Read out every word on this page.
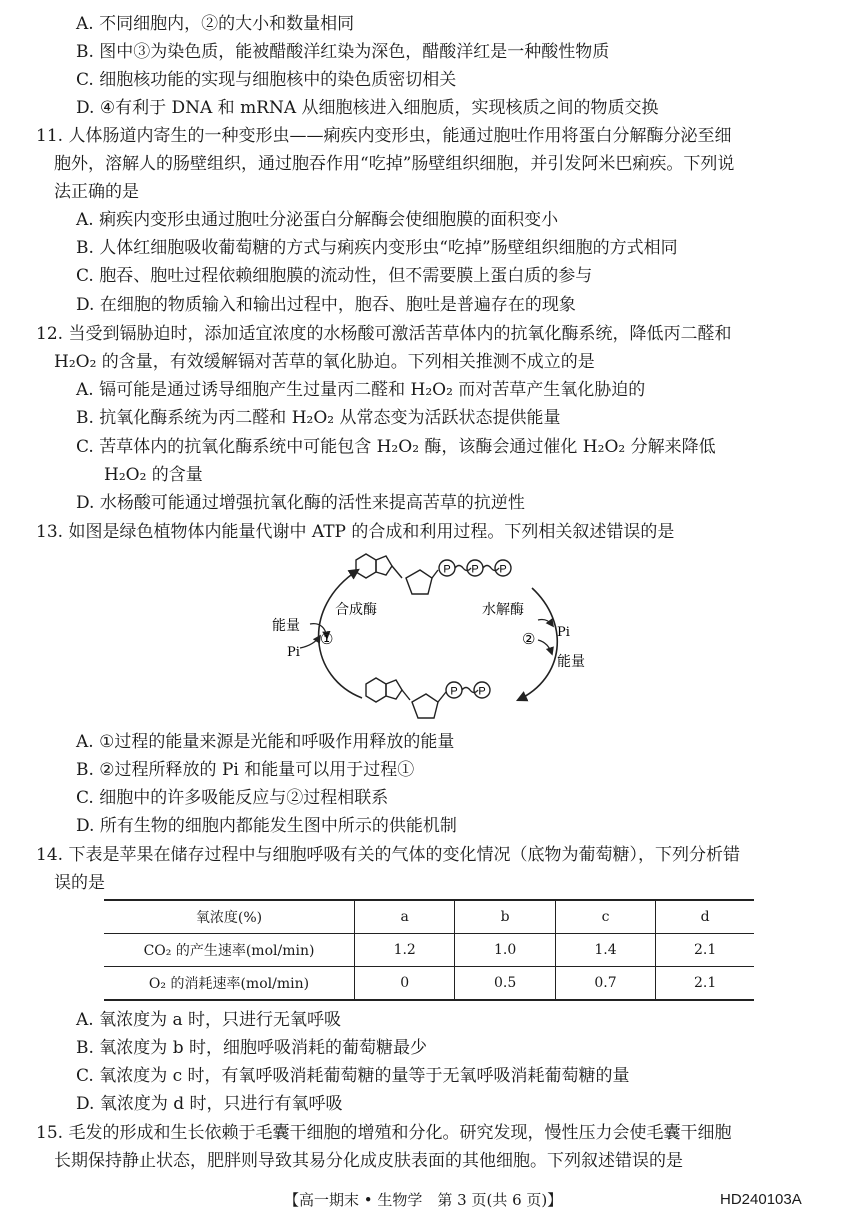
A. 不同细胞内，②的大小和数量相同
B. 图中③为染色质，能被醋酸洋红染为深色，醋酸洋红是一种酸性物质
C. 细胞核功能的实现与细胞核中的染色质密切相关
D. ④有利于 DNA 和 mRNA 从细胞核进入细胞质，实现核质之间的物质交换
11. 人体肠道内寄生的一种变形虫——痢疾内变形虫，能通过胞吐作用将蛋白分解酶分泌至细
胞外，溶解人的肠壁组织，通过胞吞作用“吃掉”肠壁组织细胞，并引发阿米巴痢疾。下列说
法正确的是
A. 痢疾内变形虫通过胞吐分泌蛋白分解酶会使细胞膜的面积变小
B. 人体红细胞吸收葡萄糖的方式与痢疾内变形虫“吃掉”肠壁组织细胞的方式相同
C. 胞吞、胞吐过程依赖细胞膜的流动性，但不需要膜上蛋白质的参与
D. 在细胞的物质输入和输出过程中，胞吞、胞吐是普遍存在的现象
12. 当受到镉胁迫时，添加适宜浓度的水杨酸可激活苦草体内的抗氧化酶系统，降低丙二醛和
H₂O₂ 的含量，有效缓解镉对苦草的氧化胁迫。下列相关推测不成立的是
A. 镉可能是通过诱导细胞产生过量丙二醛和 H₂O₂ 而对苦草产生氧化胁迫的
B. 抗氧化酶系统为丙二醛和 H₂O₂ 从常态变为活跃状态提供能量
C. 苦草体内的抗氧化酶系统中可能包含 H₂O₂ 酶，该酶会通过催化 H₂O₂ 分解来降低
H₂O₂ 的含量
D. 水杨酸可能通过增强抗氧化酶的活性来提高苦草的抗逆性
13. 如图是绿色植物体内能量代谢中 ATP 的合成和利用过程。下列相关叙述错误的是
P P P
P P
合成酶	水解酶
能量
Pi
①	② Pi
能量
A. ①过程的能量来源是光能和呼吸作用释放的能量
B. ②过程所释放的 Pi 和能量可以用于过程①
C. 细胞中的许多吸能反应与②过程相联系
D. 所有生物的细胞内都能发生图中所示的供能机制
14. 下表是苹果在储存过程中与细胞呼吸有关的气体的变化情况（底物为葡萄糖），下列分析错
误的是
氧浓度(%)	a	b	c	d
CO₂ 的产生速率(mol/min)	1.2	1.0	1.4	2.1
O₂ 的消耗速率(mol/min)	0	0.5	0.7	2.1
A. 氧浓度为 a 时，只进行无氧呼吸
B. 氧浓度为 b 时，细胞呼吸消耗的葡萄糖最少
C. 氧浓度为 c 时，有氧呼吸消耗葡萄糖的量等于无氧呼吸消耗葡萄糖的量
D. 氧浓度为 d 时，只进行有氧呼吸
15. 毛发的形成和生长依赖于毛囊干细胞的增殖和分化。研究发现，慢性压力会使毛囊干细胞
长期保持静止状态，肥胖则导致其易分化成皮肤表面的其他细胞。下列叙述错误的是
【高一期末 • 生物学　第 3 页(共 6 页)】	HD240103A
